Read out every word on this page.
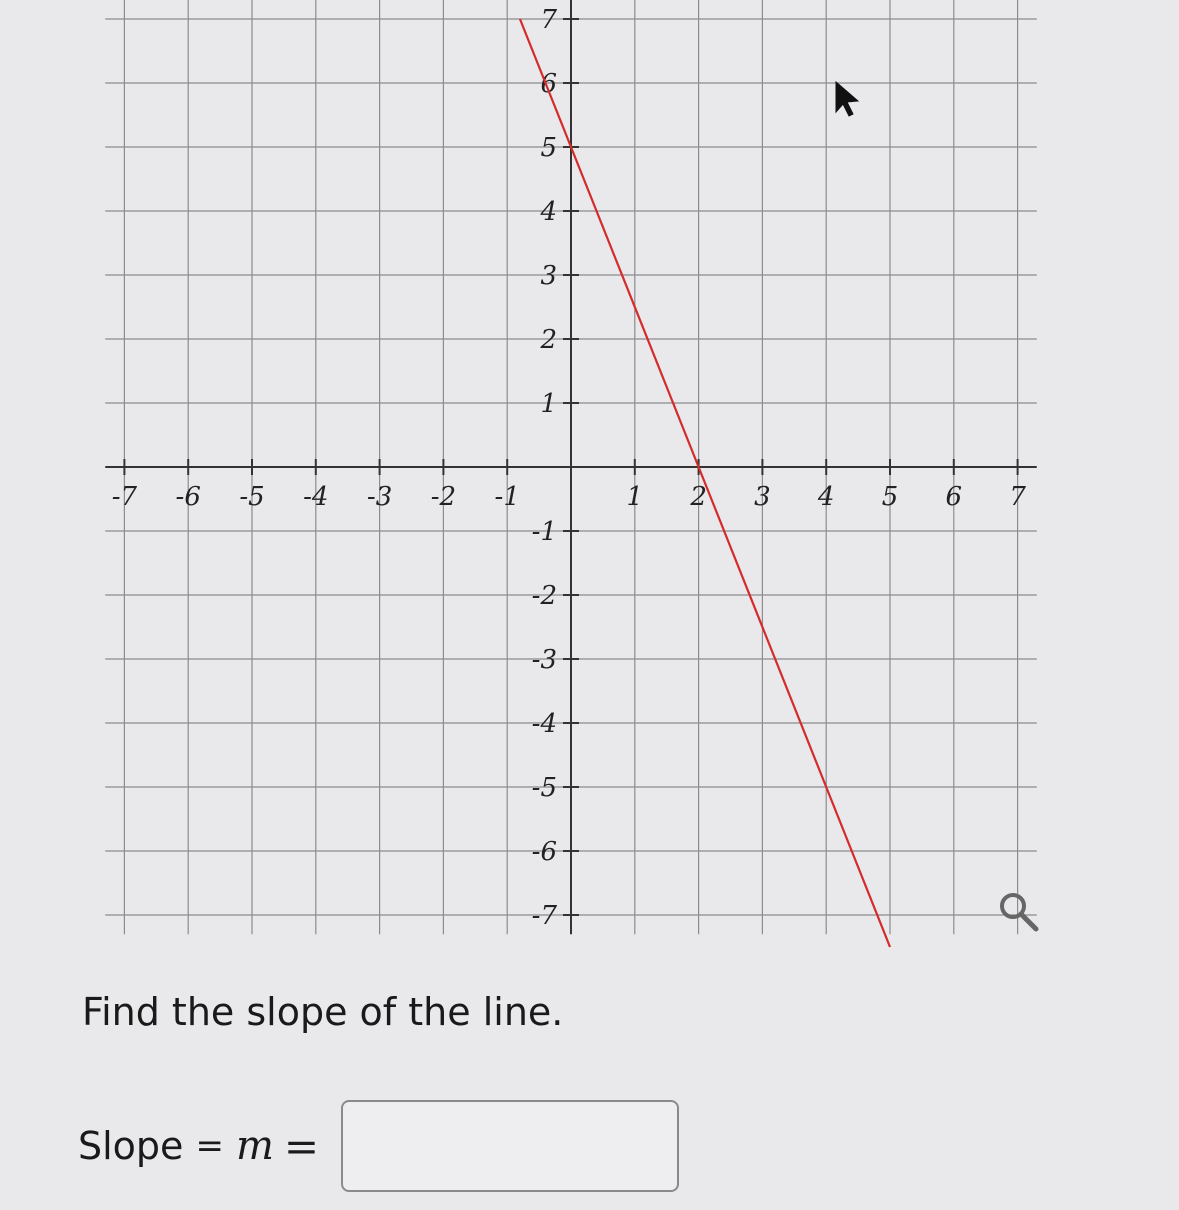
-7 -6 -5 -4 -3 -2 -1	1 2 3 4 5 6 7
7
6
5
4
3
2
1
-1
-2
-3
-4
-5
-6
-7
Find the slope of the line.
Slope = m =
